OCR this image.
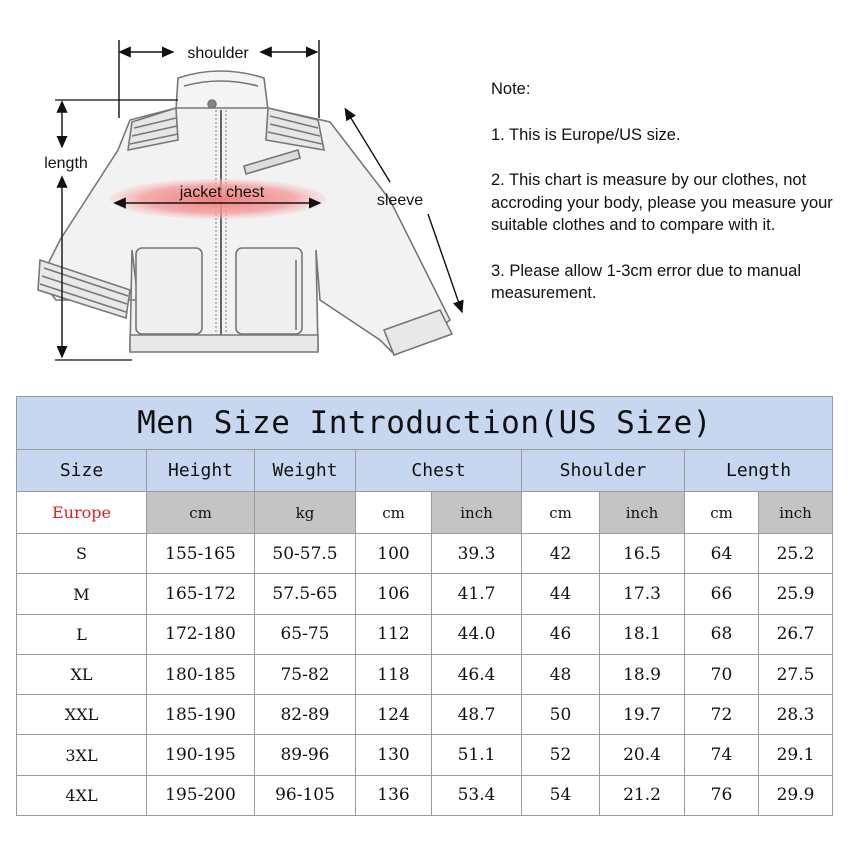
shoulder
length
jacket chest	sleeve
Note:

1. This is Europe/US size.

2. This chart is measure by our clothes, not accroding your body, please you measure your suitable clothes and to compare with it.

3. Please allow 1-3cm error due to manual measurement.

Men Size Introduction(US Size)								
Size	Height	Weight	Chest		Shoulder		Length	
Europe	cm	kg	cm	inch	cm	inch	cm	inch
S	155-165	50-57.5	100	39.3	42	16.5	64	25.2
M	165-172	57.5-65	106	41.7	44	17.3	66	25.9
L	172-180	65-75	112	44.0	46	18.1	68	26.7
XL	180-185	75-82	118	46.4	48	18.9	70	27.5
XXL	185-190	82-89	124	48.7	50	19.7	72	28.3
3XL	190-195	89-96	130	51.1	52	20.4	74	29.1
4XL	195-200	96-105	136	53.4	54	21.2	76	29.9
